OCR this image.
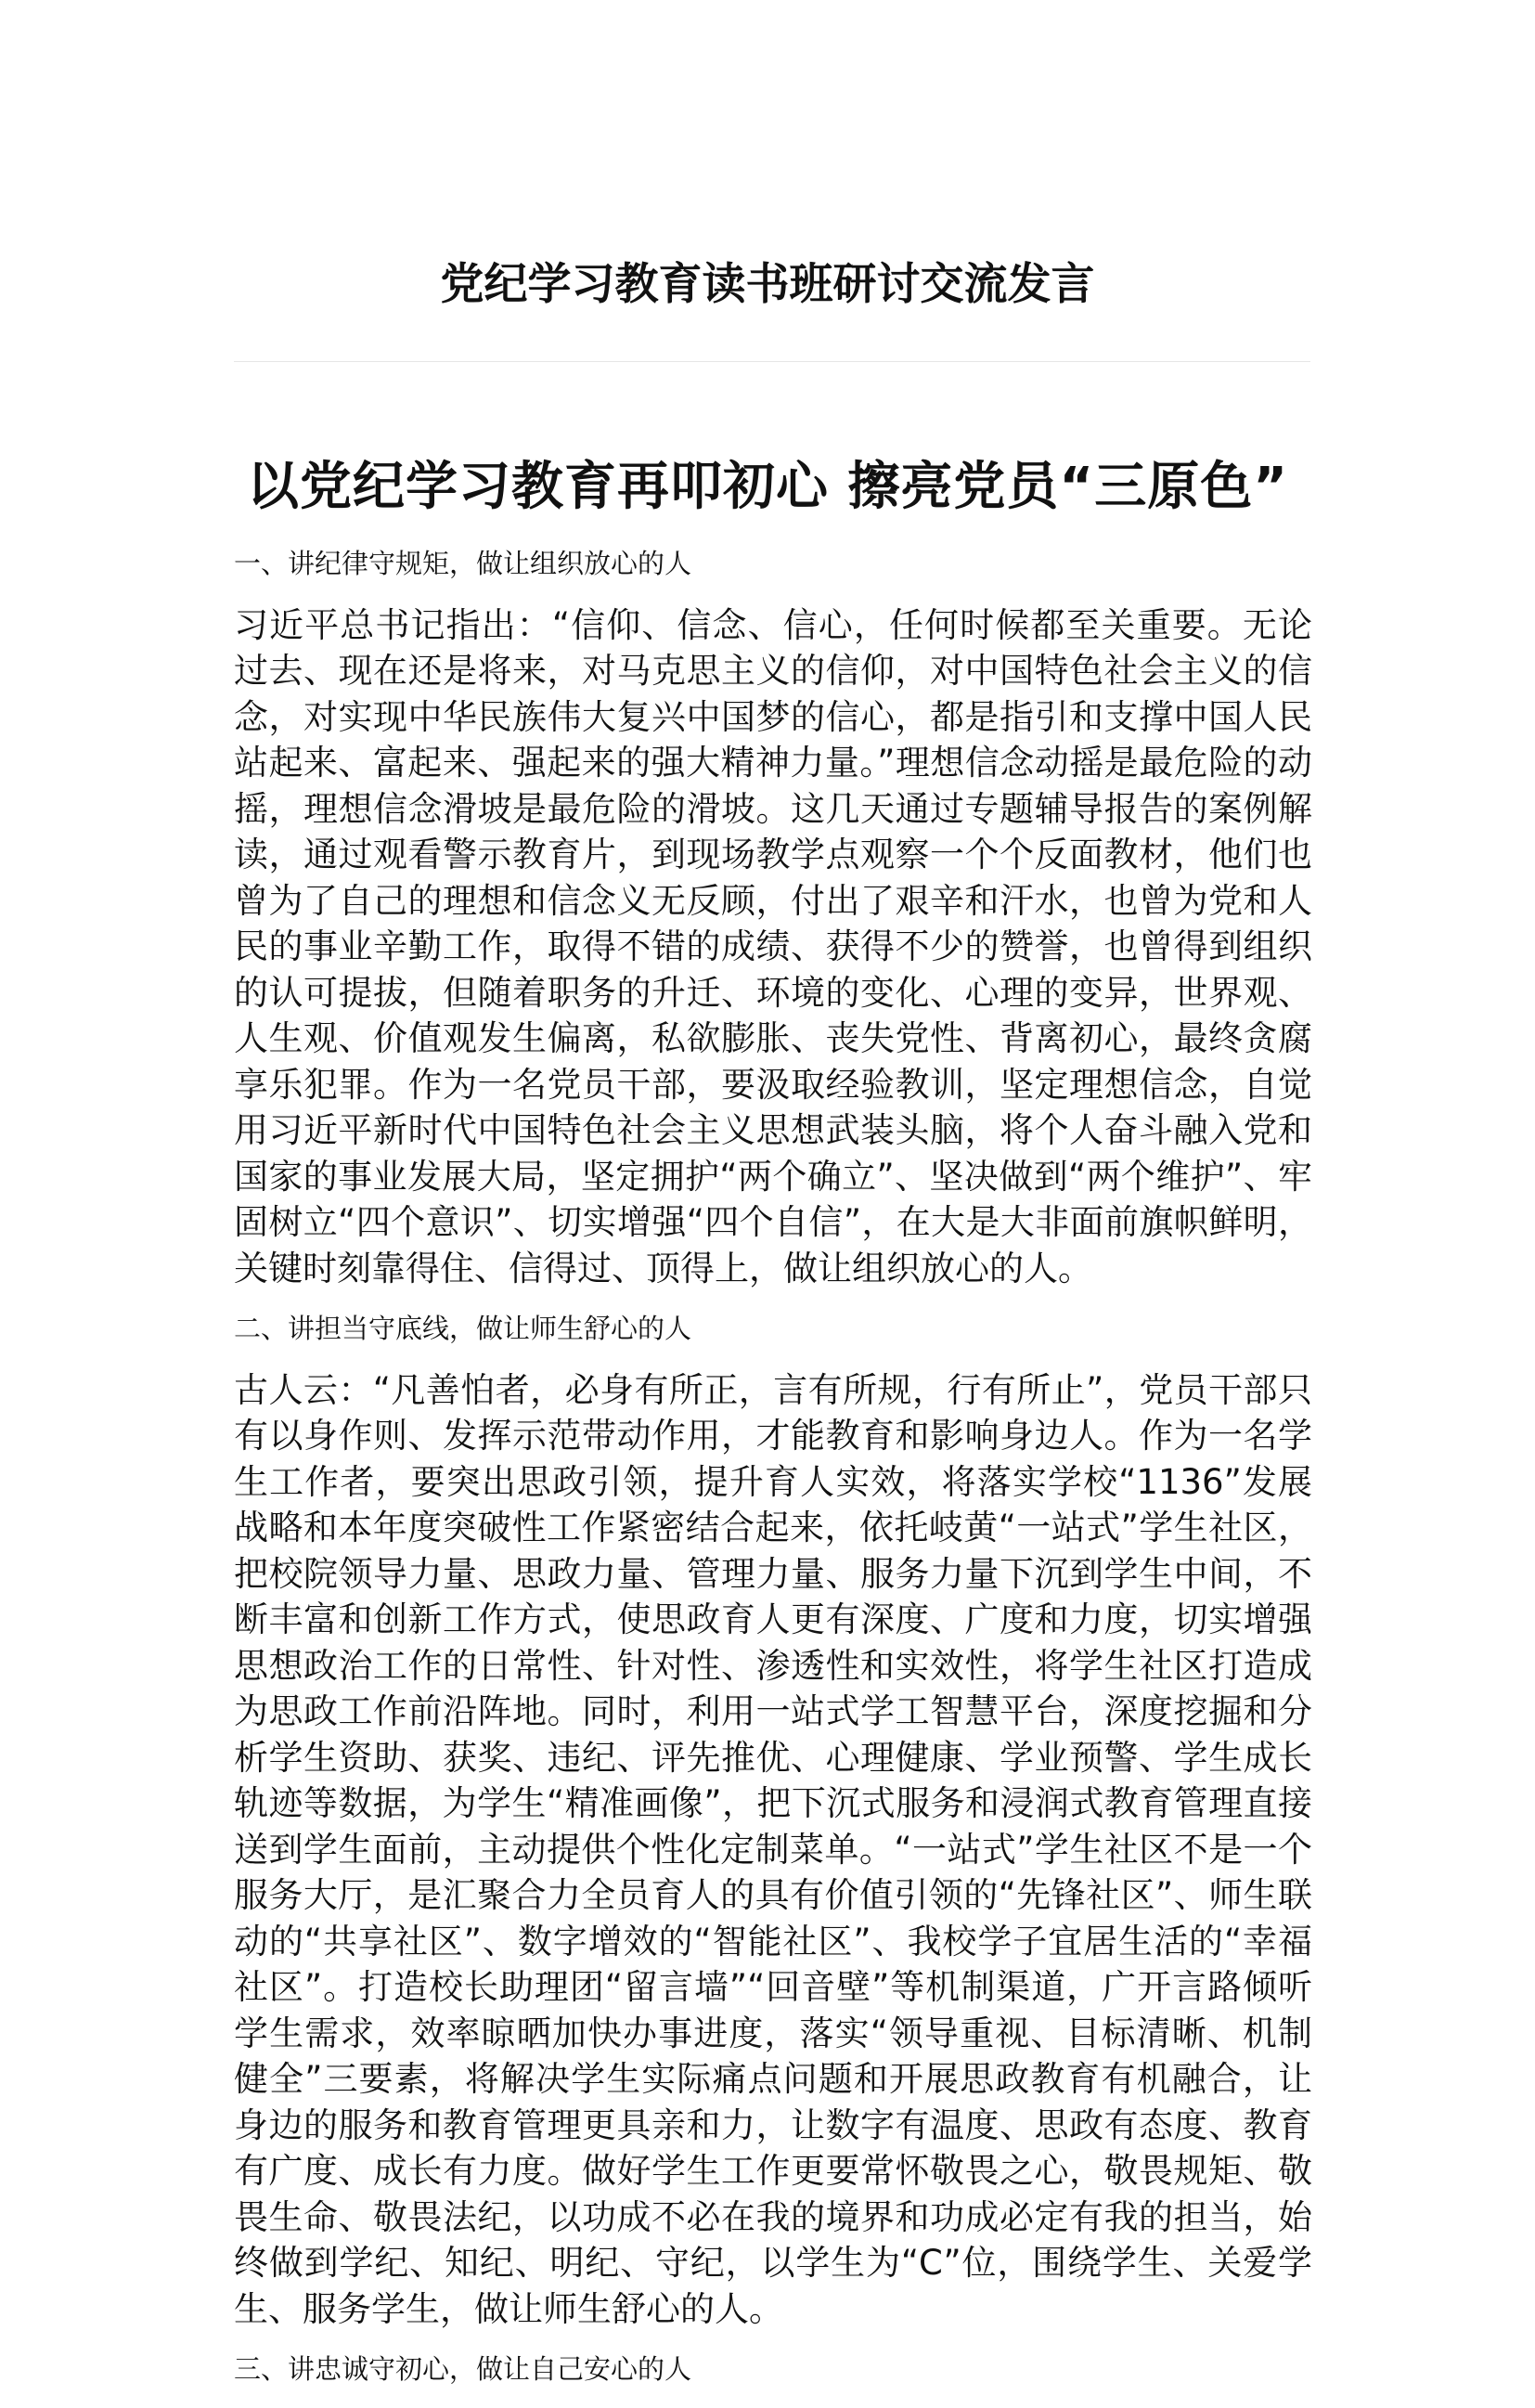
党纪学习教育读书班研讨交流发言
以党纪学习教育再叩初心 擦亮党员“三原色”

一、讲纪律守规矩，做让组织放心的人

习近平总书记指出：“信仰、信念、信心，任何时候都至关重要。无论过去、现在还是将来，对马克思主义的信仰，对中国特色社会主义的信念，对实现中华民族伟大复兴中国梦的信心，都是指引和支撑中国人民站起来、富起来、强起来的强大精神力量。”理想信念动摇是最危险的动摇，理想信念滑坡是最危险的滑坡。这几天通过专题辅导报告的案例解读，通过观看警示教育片，到现场教学点观察一个个反面教材，他们也曾为了自己的理想和信念义无反顾，付出了艰辛和汗水，也曾为党和人民的事业辛勤工作，取得不错的成绩、获得不少的赞誉，也曾得到组织的认可提拔，但随着职务的升迁、环境的变化、心理的变异，世界观、人生观、价值观发生偏离，私欲膨胀、丧失党性、背离初心，最终贪腐享乐犯罪。作为一名党员干部，要汲取经验教训，坚定理想信念，自觉用习近平新时代中国特色社会主义思想武装头脑，将个人奋斗融入党和国家的事业发展大局，坚定拥护“两个确立”、坚决做到“两个维护”、牢固树立“四个意识”、切实增强“四个自信”，在大是大非面前旗帜鲜明，关键时刻靠得住、信得过、顶得上，做让组织放心的人。

二、讲担当守底线，做让师生舒心的人

古人云：“凡善怕者，必身有所正，言有所规，行有所止”，党员干部只有以身作则、发挥示范带动作用，才能教育和影响身边人。作为一名学生工作者，要突出思政引领，提升育人实效，将落实学校“1136”发展战略和本年度突破性工作紧密结合起来，依托岐黄“一站式”学生社区，把校院领导力量、思政力量、管理力量、服务力量下沉到学生中间，不断丰富和创新工作方式，使思政育人更有深度、广度和力度，切实增强思想政治工作的日常性、针对性、渗透性和实效性，将学生社区打造成为思政工作前沿阵地。同时，利用一站式学工智慧平台，深度挖掘和分析学生资助、获奖、违纪、评先推优、心理健康、学业预警、学生成长轨迹等数据，为学生“精准画像”，把下沉式服务和浸润式教育管理直接送到学生面前，主动提供个性化定制菜单。“一站式”学生社区不是一个服务大厅，是汇聚合力全员育人的具有价值引领的“先锋社区”、师生联动的“共享社区”、数字增效的“智能社区”、我校学子宜居生活的“幸福社区”。打造校长助理团“留言墙”“回音壁”等机制渠道，广开言路倾听学生需求，效率晾晒加快办事进度，落实“领导重视、目标清晰、机制健全”三要素，将解决学生实际痛点问题和开展思政教育有机融合，让身边的服务和教育管理更具亲和力，让数字有温度、思政有态度、教育有广度、成长有力度。做好学生工作更要常怀敬畏之心，敬畏规矩、敬畏生命、敬畏法纪，以功成不必在我的境界和功成必定有我的担当，始终做到学纪、知纪、明纪、守纪，以学生为“C”位，围绕学生、关爱学生、服务学生，做让师生舒心的人。

三、讲忠诚守初心，做让自己安心的人
